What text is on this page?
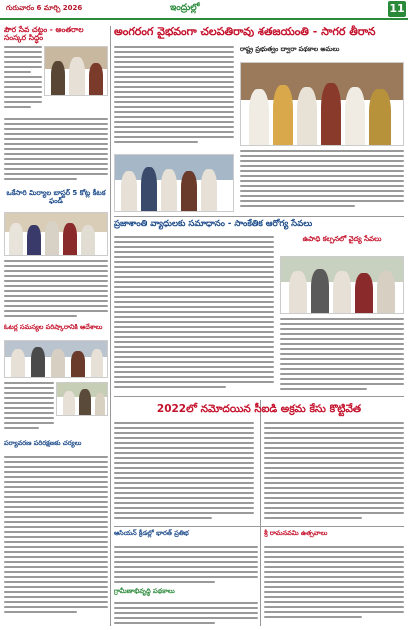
గురువారం 6 మార్చి 2026	ఇంద్రుల్లో	11
పౌర సేవ చట్టం - అంతరాల సంస్కర సిద్ధం
ఒకేసారి మిర్యాల బాస్టర్ 5 కోట్ల కీటక ఫండ్
ఓటర్ల సమస్యల పరిష్కారానికి ఆదేశాలు
పర్యావరణ పరిరక్షణకు చర్యలు
అంగరంగ వైభవంగా చలపతిరావు శతజయంతి - సాగర తీరాన
రాష్ట్ర ప్రభుత్వం ద్వారా పథకాల అమలు
ప్రజాశాంతి వ్యాధులకు సమాధానం - సాంకేతిక ఆరోగ్య సేవలు
ఉపాధి కల్పనలో వైద్య సేవలు
2022లో నమోదయిన సీఐడి అక్రమ కేసు కొట్టివేత
ఆసియన్ క్రీడల్లో భారత్ ప్రతిభ
గ్రామీణాభివృద్ధి పథకాలు
శ్రీ రామనవమి ఉత్సవాలు
